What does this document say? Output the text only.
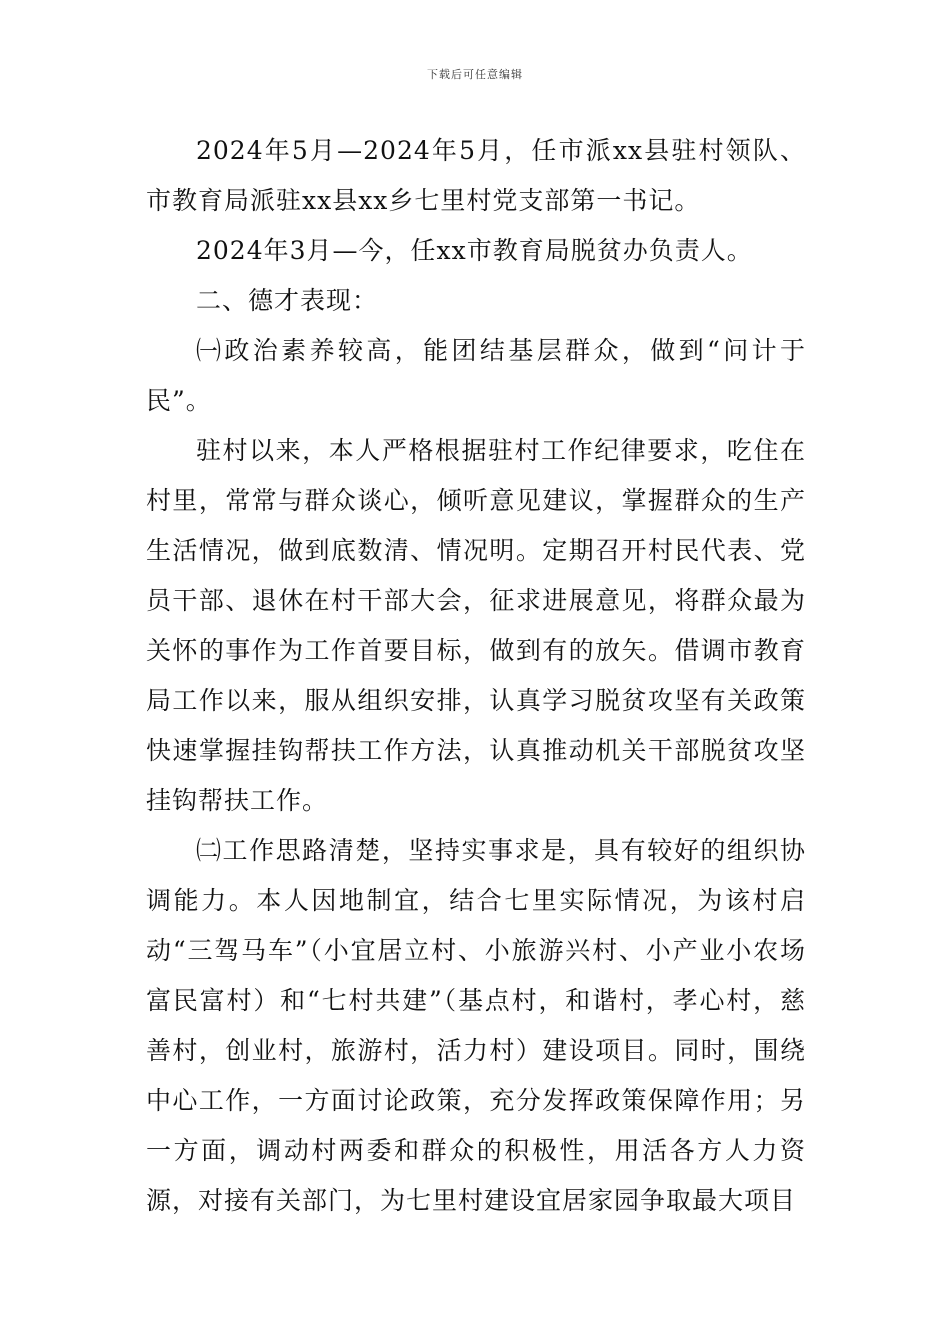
下载后可任意编辑

2024年5月—2024年5月，任市派xx县驻村领队、市教育局派驻xx县xx乡七里村党支部第一书记。

2024年3月—今，任xx市教育局脱贫办负责人。

二、德才表现：

㈠政治素养较高，能团结基层群众，做到“问计于民”。

驻村以来，本人严格根据驻村工作纪律要求，吃住在村里，常常与群众谈心，倾听意见建议，掌握群众的生产生活情况，做到底数清、情况明。定期召开村民代表、党员干部、退休在村干部大会，征求进展意见，将群众最为关怀的事作为工作首要目标，做到有的放矢。借调市教育局工作以来，服从组织安排，认真学习脱贫攻坚有关政策快速掌握挂钩帮扶工作方法，认真推动机关干部脱贫攻坚挂钩帮扶工作。

㈡工作思路清楚，坚持实事求是，具有较好的组织协调能力。本人因地制宜，结合七里实际情况，为该村启动“三驾马车”（小宜居立村、小旅游兴村、小产业小农场富民富村）和“七村共建”（基点村，和谐村，孝心村，慈善村，创业村，旅游村，活力村）建设项目。同时，围绕中心工作，一方面讨论政策，充分发挥政策保障作用；另一方面，调动村两委和群众的积极性，用活各方人力资源，对接有关部门，为七里村建设宜居家园争取最大项目
